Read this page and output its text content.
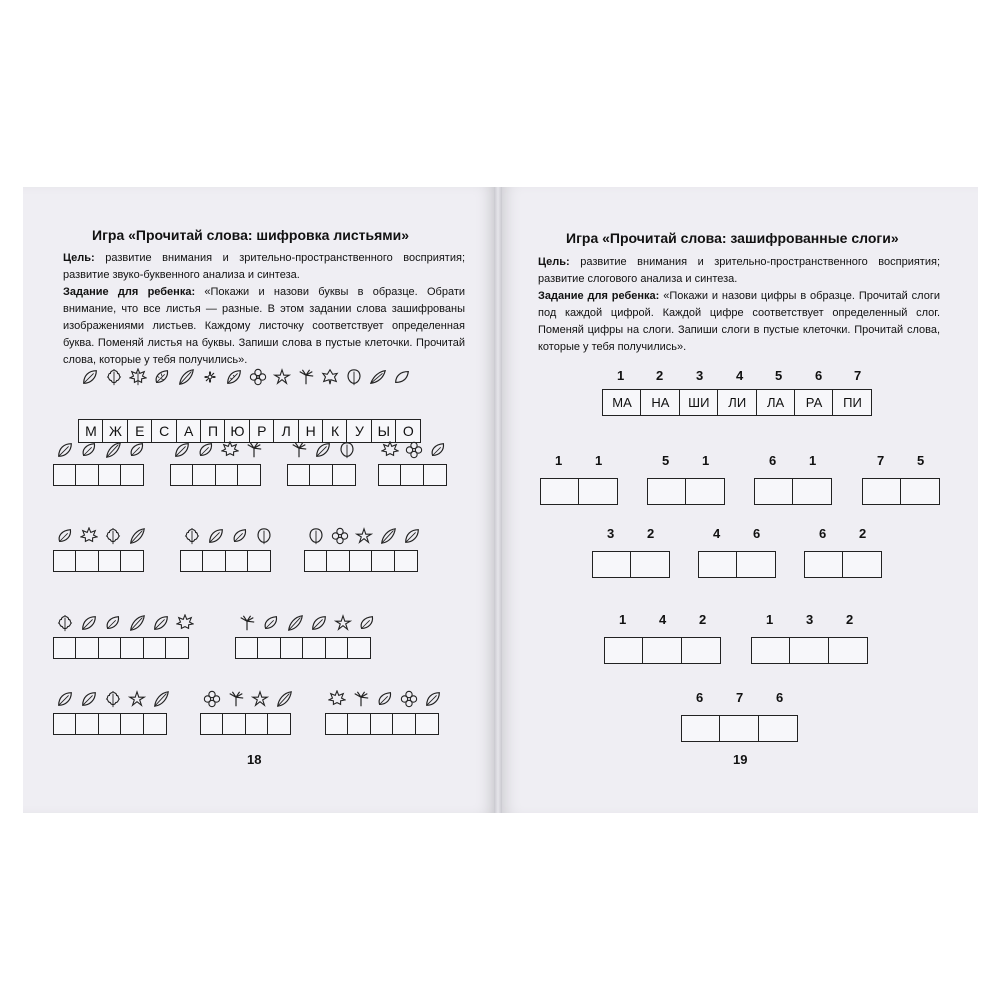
Игра «Прочитай слова: шифровка листьями»

Цель: развитие внимания и зрительно-пространственного восприятия; развитие звуко-буквенного анализа и синтеза.

Задание для ребенка: «Покажи и назови буквы в образце. Обрати внимание, что все листья — разные. В этом задании слова зашифрованы изображениями листьев. Каждому листочку соответствует определенная буква. Поменяй листья на буквы. Запиши слова в пустые клеточки. Прочитай слова, которые у тебя получились».

М Ж Е	С	А	П Ю Р	Л	Н	К	У Ы О
18
Игра «Прочитай слова: зашифрованные слоги»

Цель: развитие внимания и зрительно-пространственного восприятия; развитие слогового анализа и синтеза.

Задание для ребенка: «Покажи и назови цифры в образце. Прочитай слоги под каждой цифрой. Каждой цифре соответствует определенный слог. Поменяй цифры на слоги. Запиши слоги в пустые клеточки. Прочитай слова, которые у тебя получились».

1 2	3	4 5	6 7
МА	НА	ШИ	ЛИ	ЛА	РА	ПИ
1	1	5	1	6	1	7	5
3	2	4	6	6	2
1	4	2	1	3	2
6	7	6
19
